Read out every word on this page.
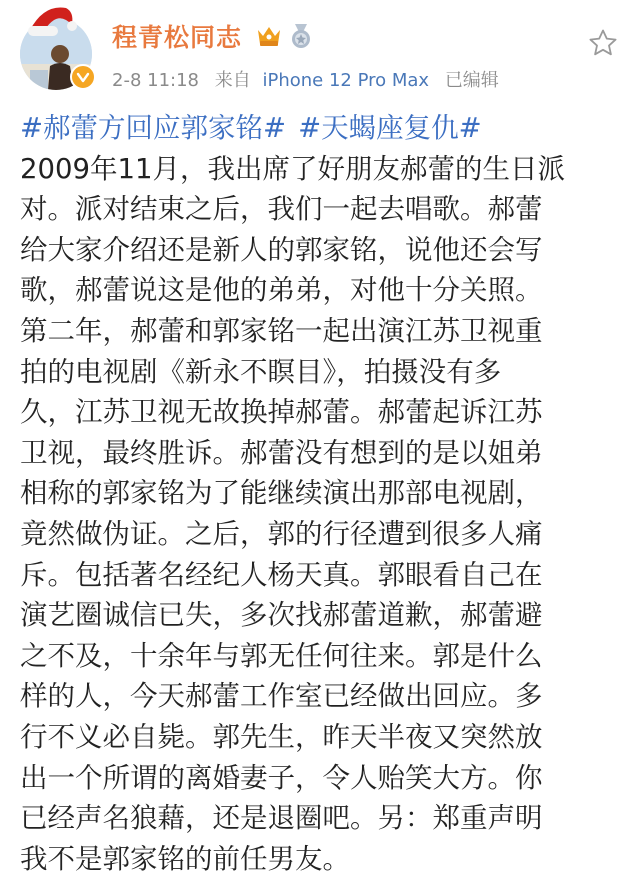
程青松同志
2-8 11:18 来自 iPhone 12 Pro Max 已编辑
#郝蕾方回应郭家铭# #天蝎座复仇#
2009年11月，我出席了好朋友郝蕾的生日派
对。派对结束之后，我们一起去唱歌。郝蕾
给大家介绍还是新人的郭家铭，说他还会写
歌，郝蕾说这是他的弟弟，对他十分关照。
第二年，郝蕾和郭家铭一起出演江苏卫视重
拍的电视剧《新永不瞑目》，拍摄没有多
久，江苏卫视无故换掉郝蕾。郝蕾起诉江苏
卫视，最终胜诉。郝蕾没有想到的是以姐弟
相称的郭家铭为了能继续演出那部电视剧，
竟然做伪证。之后，郭的行径遭到很多人痛
斥。包括著名经纪人杨天真。郭眼看自己在
演艺圈诚信已失，多次找郝蕾道歉，郝蕾避
之不及，十余年与郭无任何往来。郭是什么
样的人，今天郝蕾工作室已经做出回应。多
行不义必自毙。郭先生，昨天半夜又突然放
出一个所谓的离婚妻子，令人贻笑大方。你
已经声名狼藉，还是退圈吧。另：郑重声明
我不是郭家铭的前任男友。
